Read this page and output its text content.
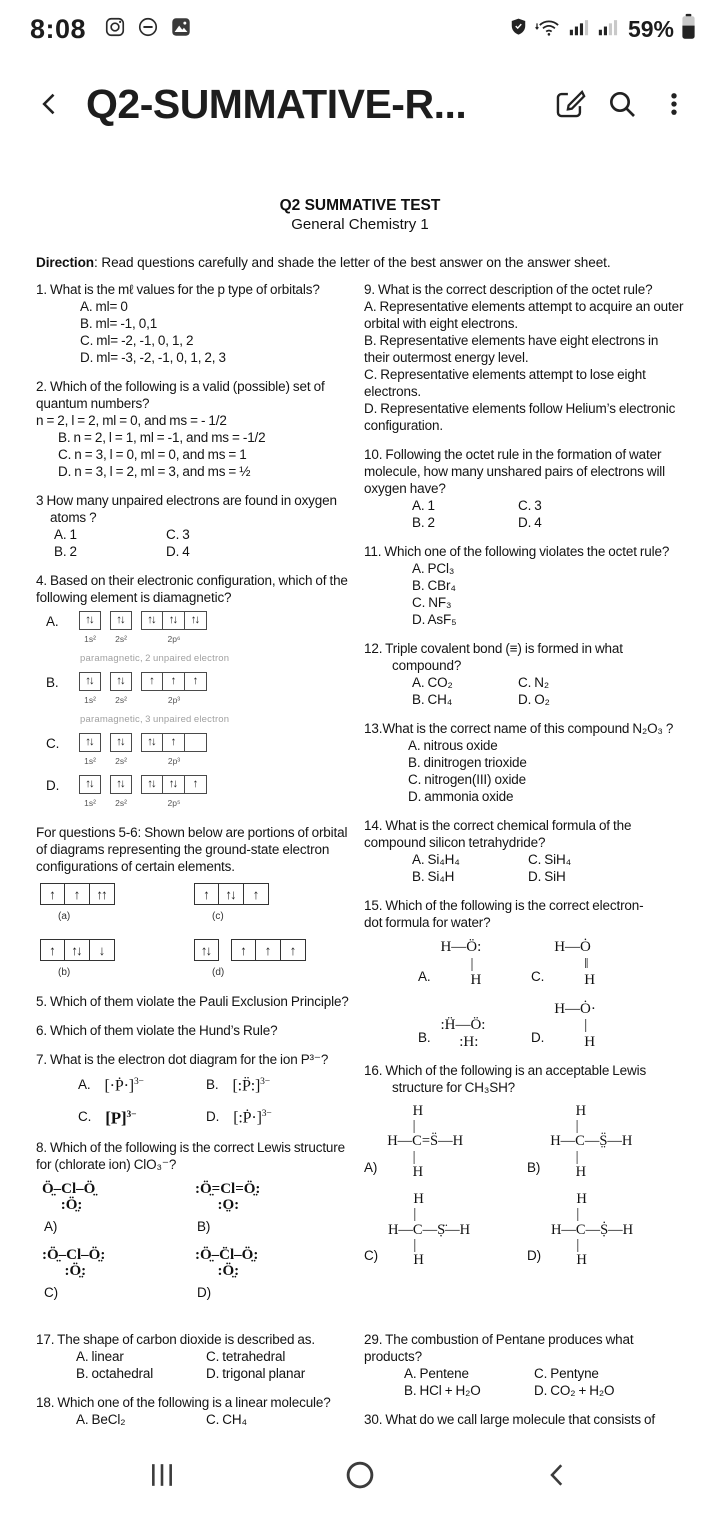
8:08	59%
Q2-SUMMATIVE-R...
Q2 SUMMATIVE TEST
General Chemistry 1
Direction: Read questions carefully and shade the letter of the best answer on the answer sheet.
1. What is the mℓ values for the p type of orbitals?
A. ml= 0
B. ml= -1, 0,1
C. ml= -2, -1, 0, 1, 2
D. ml= -3, -2, -1, 0, 1, 2, 3
2. Which of the following is a valid (possible) set of quantum numbers?
n = 2, l = 2, ml = 0, and ms = - 1/2
B. n = 2, l = 1, ml = -1, and ms = -1/2
C. n = 3, l = 0, ml = 0, and ms = 1
D. n = 3, l = 2, ml = 3, and ms = ½
3 How many unpaired electrons are found in oxygen
atoms ?
A. 1	C. 3
B. 2	D. 4
4. Based on their electronic configuration, which of the following element is diamagnetic?
A.	↑↓
1s²
↑↓
2s²
↑↓	↑↓	↑↓
2p⁶
paramagnetic, 2 unpaired electron
B.	↑↓
1s²
↑↓
2s²
↑	↑	↑
2p³
paramagnetic, 3 unpaired electron
C.	↑↓
1s²
↑↓
2s²
↑↓	↑
2p³
D.	↑↓
1s²
↑↓
2s²
↑↓	↑↓	↑
2p⁵
For questions 5-6: Shown below are portions of orbital of diagrams representing the ground-state electron configurations of certain elements.
↑	↑	↑↑
(a)
↑	↑↓	↑
(c)
↑	↑↓	↓
(b)
↑↓	↑	↑	↑
(d)
5. Which of them violate the Pauli Exclusion Principle?
6. Which of them violate the Hund’s Rule?
7. What is the electron dot diagram for the ion P³⁻?
A. [·Ṗ·]$^{3-}$	B. [:P̈:]$^{3-}$
C. $[P]^{3-}$	D. [:Ṗ·]$^{3-}$
8. Which of the following is the correct Lewis structure for (chlorate ion) ClO₃⁻?
Ö̤–Cl–Ö̤
:Ö̤:
A)
:Ö̤=Cl=Ö̤:
:O̤:
B)
:Ö̤–Cl–Ö̤:
:Ö̤:
C)
:Ö̤–C̈l–Ö̤:
:Ö̤:
D)
9. What is the correct description of the octet rule?
A. Representative elements attempt to acquire an outer orbital with eight electrons.
B. Representative elements have eight electrons in their outermost energy level.
C. Representative elements attempt to lose eight electrons.
D. Representative elements follow Helium’s electronic configuration.
10. Following the octet rule in the formation of water molecule, how many unshared pairs of electrons will oxygen have?
A. 1	C. 3
B. 2	D. 4
11. Which one of the following violates the octet rule?
A. PCl₃
B. CBr₄
C. NF₃
D. AsF₅
12. Triple covalent bond (≡) is formed in what
compound?
A. CO₂	C. N₂
B. CH₄	D. O₂
13.What is the correct name of this compound N₂O₃ ?
A. nitrous oxide
B. dinitrogen trioxide
C. nitrogen(III) oxide
D. ammonia oxide
14. What is the correct chemical formula of the compound silicon tetrahydride?
A. Si₄H₄	C. SiH₄
B. Si₄H	D. SiH
15. Which of the following is the correct electron-
dot formula for water?
A.
H—Ö:
|
H	C.
H—Ȯ
‖
H
B.
:Ḧ—Ö:
:H:	D.
H—Ȯ·
|
H
16. Which of the following is an acceptable Lewis
structure for CH₃SH?
A)
H
|
H—C=S̈—H
|
H	B)
H
|
H—C—S̤̈—H
|
H
C)
H
|
H—C—Ṣ̈—H
|
H	D)
H
|
H—C—Ṩ—H
|
H
17. The shape of carbon dioxide is described as.
A. linear	C. tetrahedral
B. octahedral	D. trigonal planar
18. Which one of the following is a linear molecule?
A. BeCl₂	C. CH₄
29. The combustion of Pentane produces what products?
A. Pentene	C. Pentyne
B. HCl + H₂O	D. CO₂ + H₂O
30. What do we call large molecule that consists of
